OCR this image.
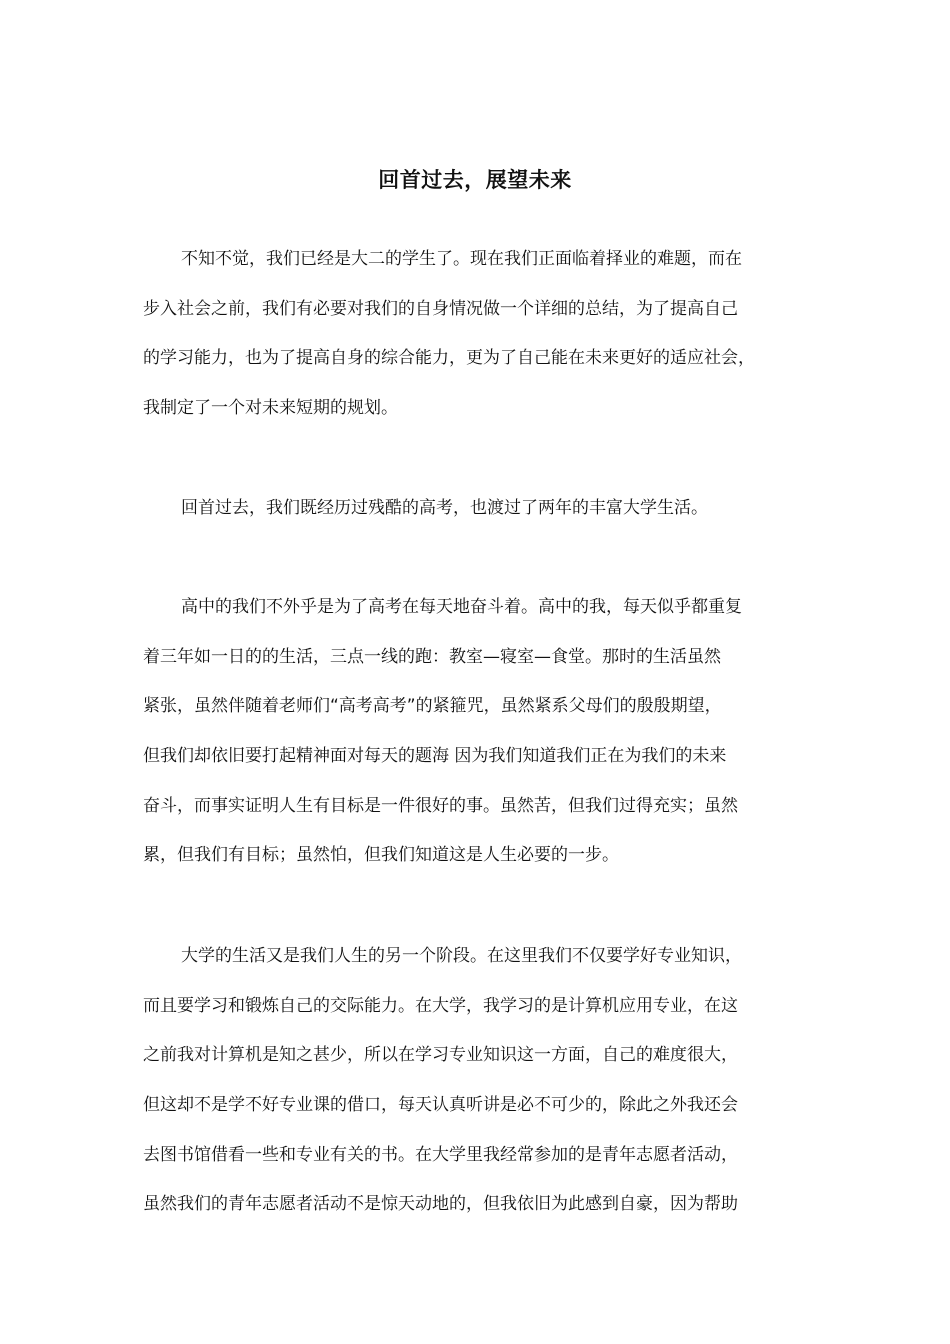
回首过去，展望未来
不知不觉，我们已经是大二的学生了。现在我们正面临着择业的难题，而在
步入社会之前，我们有必要对我们的自身情况做一个详细的总结，为了提高自己
的学习能力，也为了提高自身的综合能力，更为了自己能在未来更好的适应社会，
我制定了一个对未来短期的规划。
回首过去，我们既经历过残酷的高考，也渡过了两年的丰富大学生活。
高中的我们不外乎是为了高考在每天地奋斗着。高中的我，每天似乎都重复
着三年如一日的的生活，三点一线的跑：教室—寝室—食堂。那时的生活虽然
紧张，虽然伴随着老师们“高考高考”的紧箍咒，虽然紧系父母们的殷殷期望，
但我们却依旧要打起精神面对每天的题海 因为我们知道我们正在为我们的未来
奋斗，而事实证明人生有目标是一件很好的事。虽然苦，但我们过得充实；虽然
累，但我们有目标；虽然怕，但我们知道这是人生必要的一步。
大学的生活又是我们人生的另一个阶段。在这里我们不仅要学好专业知识，
而且要学习和锻炼自己的交际能力。在大学，我学习的是计算机应用专业，在这
之前我对计算机是知之甚少，所以在学习专业知识这一方面，自己的难度很大，
但这却不是学不好专业课的借口，每天认真听讲是必不可少的，除此之外我还会
去图书馆借看一些和专业有关的书。在大学里我经常参加的是青年志愿者活动，
虽然我们的青年志愿者活动不是惊天动地的，但我依旧为此感到自豪，因为帮助
